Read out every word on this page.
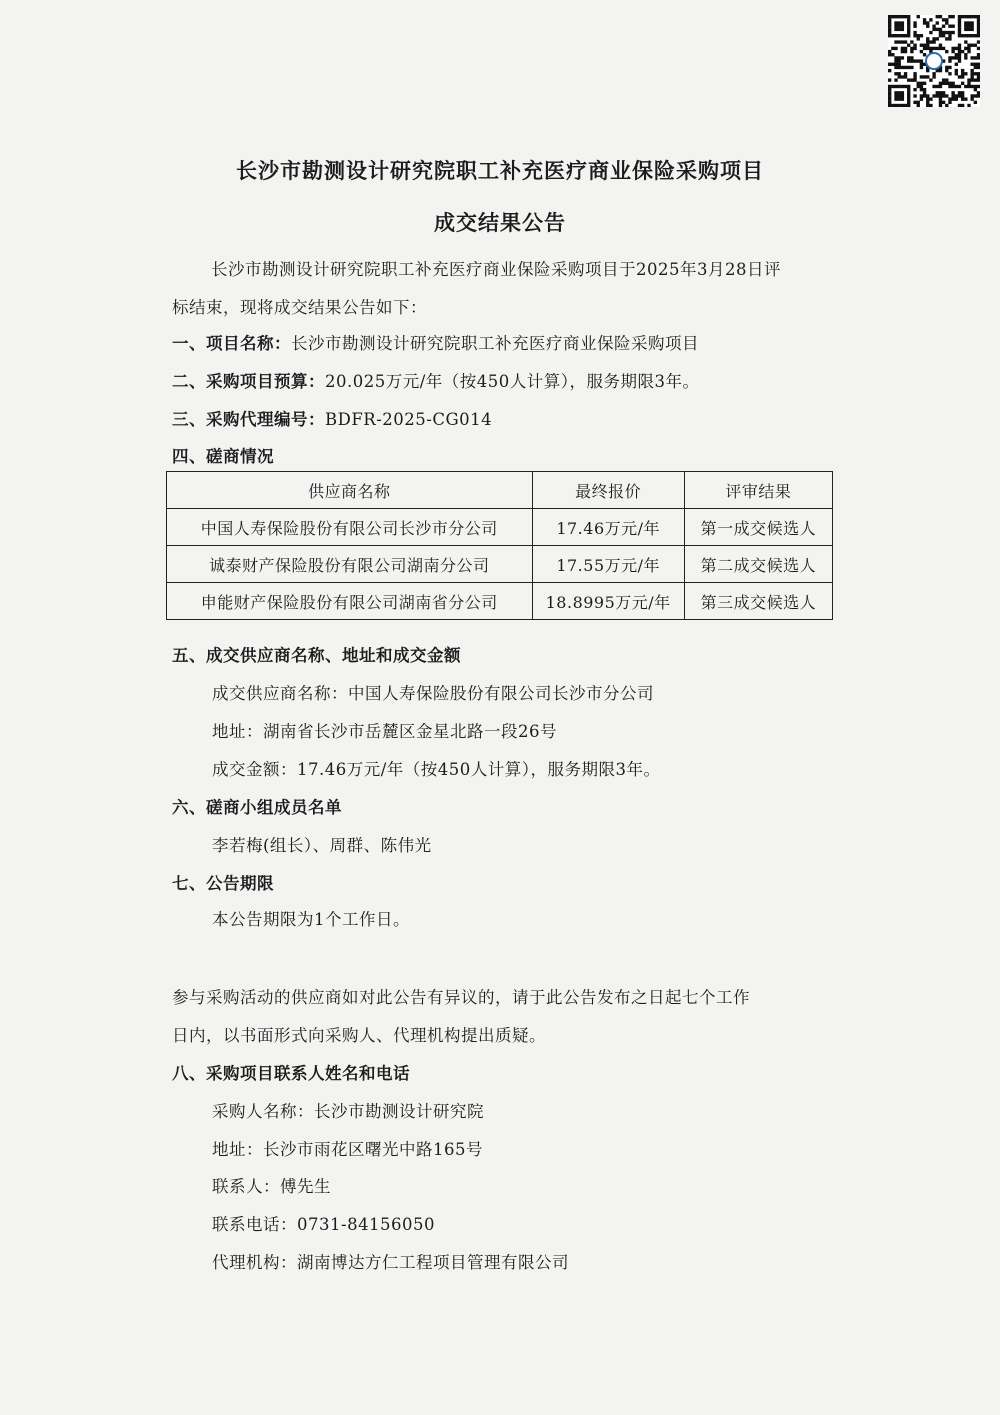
长沙市勘测设计研究院职工补充医疗商业保险采购项目
成交结果公告
长沙市勘测设计研究院职工补充医疗商业保险采购项目于2025年3月28日评
标结束，现将成交结果公告如下：
一、项目名称：长沙市勘测设计研究院职工补充医疗商业保险采购项目
二、采购项目预算：20.025万元/年（按450人计算），服务期限3年。
三、采购代理编号：BDFR-2025-CG014
四、磋商情况
供应商名称	最终报价	评审结果
中国人寿保险股份有限公司长沙市分公司	17.46万元/年	第一成交候选人
诚泰财产保险股份有限公司湖南分公司	17.55万元/年	第二成交候选人
申能财产保险股份有限公司湖南省分公司	18.8995万元/年	第三成交候选人
五、成交供应商名称、地址和成交金额
成交供应商名称：中国人寿保险股份有限公司长沙市分公司
地址：湖南省长沙市岳麓区金星北路一段26号
成交金额：17.46万元/年（按450人计算），服务期限3年。
六、磋商小组成员名单
李若梅(组长）、周群、陈伟光
七、公告期限
本公告期限为1个工作日。
参与采购活动的供应商如对此公告有异议的，请于此公告发布之日起七个工作
日内，以书面形式向采购人、代理机构提出质疑。
八、采购项目联系人姓名和电话
采购人名称：长沙市勘测设计研究院
地址：长沙市雨花区曙光中路165号
联系人：傅先生
联系电话：0731-84156050
代理机构：湖南博达方仁工程项目管理有限公司
